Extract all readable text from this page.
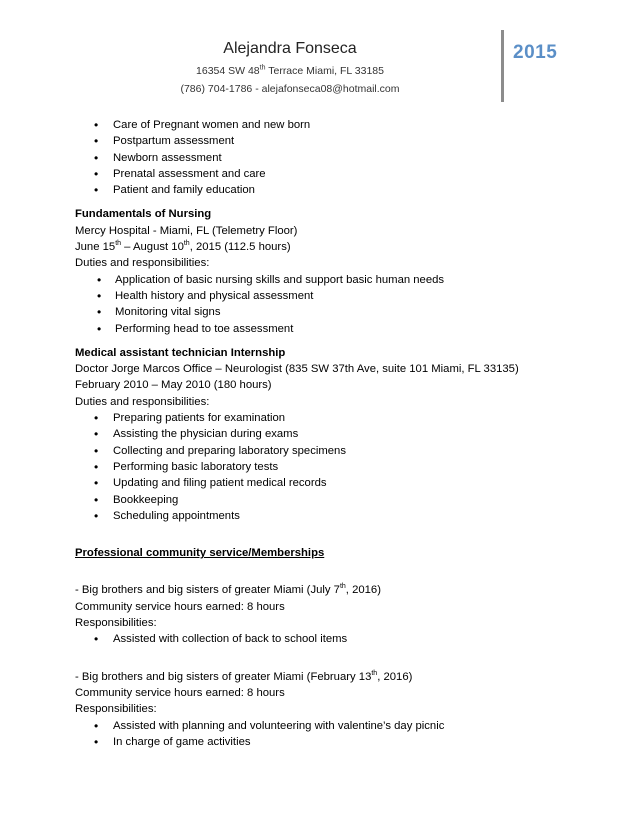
Alejandra Fonseca
16354 SW 48th Terrace Miami, FL 33185
(786) 704-1786 - alejafonseca08@hotmail.com
2015
• Care of Pregnant women and new born
• Postpartum assessment
• Newborn assessment
• Prenatal assessment and care
• Patient and family education
Fundamentals of Nursing
Mercy Hospital - Miami, FL (Telemetry Floor)
June 15th – August 10th, 2015 (112.5 hours)
Duties and responsibilities:
• Application of basic nursing skills and support basic human needs
• Health history and physical assessment
• Monitoring vital signs
• Performing head to toe assessment
Medical assistant technician Internship
Doctor Jorge Marcos Office – Neurologist (835 SW 37th Ave, suite 101 Miami, FL 33135)
February 2010 – May 2010 (180 hours)
Duties and responsibilities:
• Preparing patients for examination
• Assisting the physician during exams
• Collecting and preparing laboratory specimens
• Performing basic laboratory tests
• Updating and filing patient medical records
• Bookkeeping
• Scheduling appointments
Professional community service/Memberships
- Big brothers and big sisters of greater Miami (July 7th, 2016)
Community service hours earned: 8 hours
Responsibilities:
• Assisted with collection of back to school items
- Big brothers and big sisters of greater Miami (February 13th, 2016)
Community service hours earned: 8 hours
Responsibilities:
• Assisted with planning and volunteering with valentine’s day picnic
• In charge of game activities
